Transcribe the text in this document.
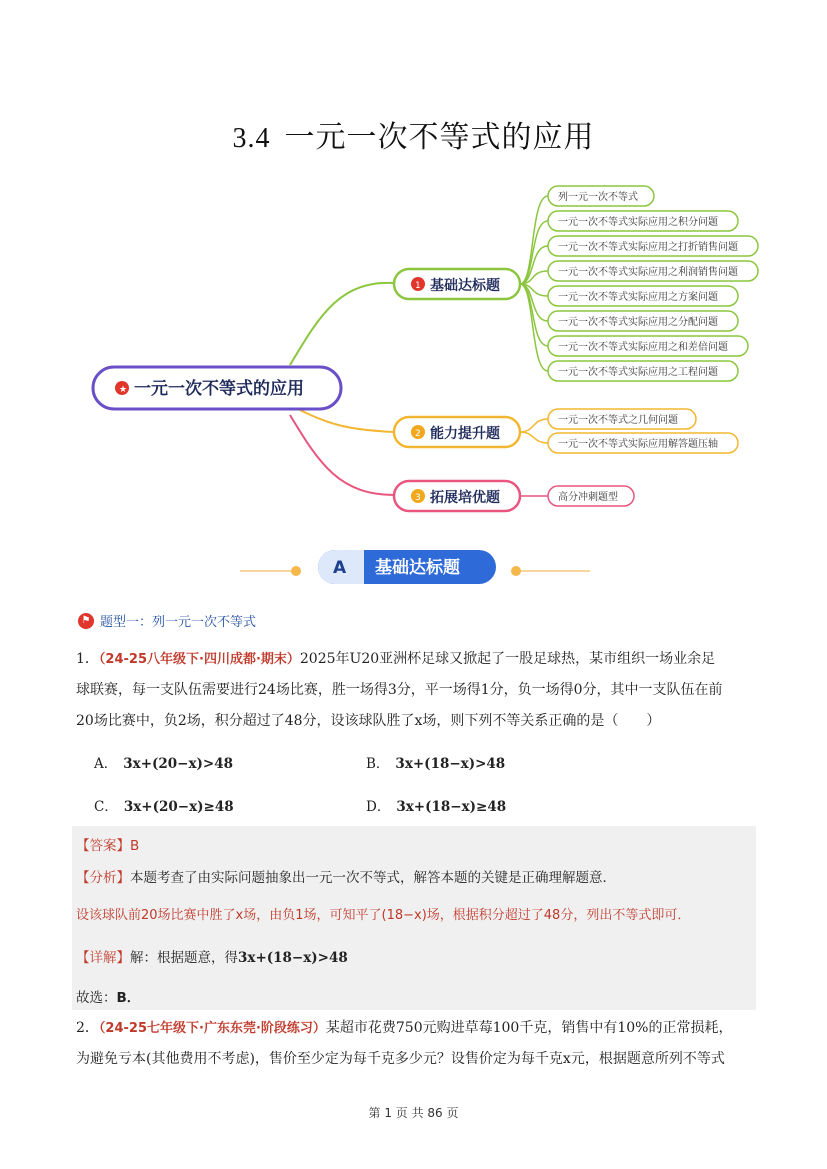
3.4 一元一次不等式的应用
★ 一元一次不等式的应用
1 基础达标题
列一元一次不等式
一元一次不等式实际应用之积分问题
一元一次不等式实际应用之打折销售问题
一元一次不等式实际应用之利润销售问题
一元一次不等式实际应用之方案问题
一元一次不等式实际应用之分配问题
一元一次不等式实际应用之和差倍问题
一元一次不等式实际应用之工程问题
2 能力提升题
一元一次不等式之几何问题
一元一次不等式实际应用解答题压轴
3 拓展培优题	高分冲刺题型
A 基础达标题
⚑ 题型一：列一元一次不等式
1．（24-25八年级下·四川成都·期末）2025年U20亚洲杯足球又掀起了一股足球热，某市组织一场业余足
球联赛，每一支队伍需要进行24场比赛，胜一场得3分，平一场得1分，负一场得0分，其中一支队伍在前
20场比赛中，负2场，积分超过了48分，设该球队胜了x场，则下列不等关系正确的是（　　）
A． 3x+(20−x)>48	B． 3x+(18−x)>48
C． 3x+(20−x)≥48	D． 3x+(18−x)≥48
【答案】B
【分析】本题考查了由实际问题抽象出一元一次不等式，解答本题的关键是正确理解题意．
设该球队前20场比赛中胜了x场，由负1场，可知平了(18−x)场，根据积分超过了48分，列出不等式即可．
【详解】解：根据题意，得3x+(18−x)>48
故选：B．
2．（24-25七年级下·广东东莞·阶段练习）某超市花费750元购进草莓100千克，销售中有10%的正常损耗，
为避免亏本(其他费用不考虑)，售价至少定为每千克多少元？设售价定为每千克x元，根据题意所列不等式
第 1 页 共 86 页
